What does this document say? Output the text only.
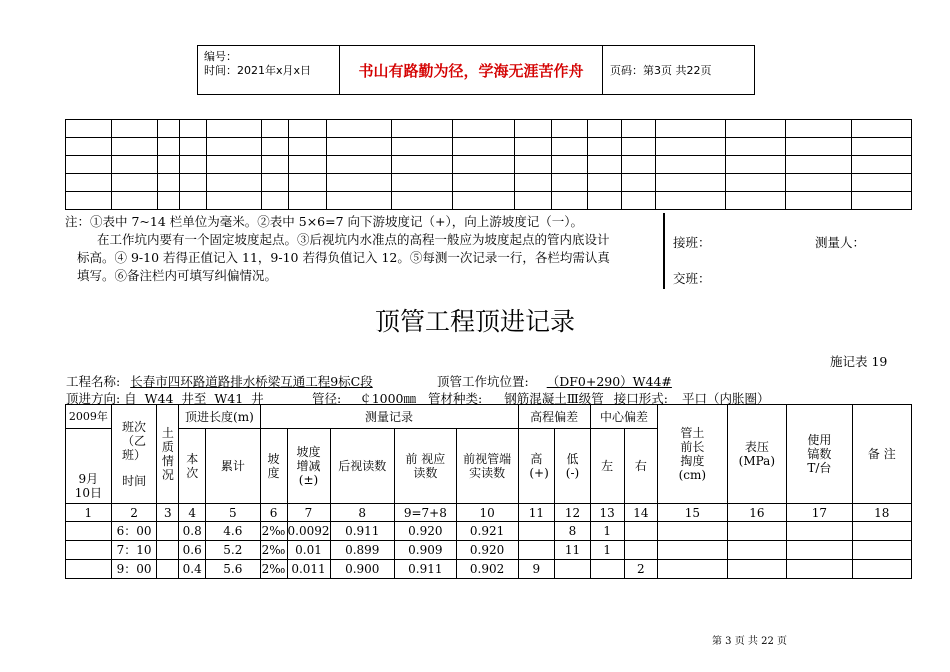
编号：
时间：2021年x月x日	书山有路勤为径，学海无涯苦作舟	页码：第3页 共22页

注：①表中 7~14 栏单位为毫米。②表中 5×6=7 向下游坡度记（+），向上游坡度记（一）。

在工作坑内要有一个固定坡度起点。③后视坑内水准点的高程一般应为坡度起点的管内底设计

标高。④ 9-10 若得正值记入 11，9-10 若得负值记入 12。⑤每测一次记录一行，各栏均需认真

填写。⑥备注栏内可填写纠偏情况。

接班：	测量人：
交班：
顶管工程顶进记录
施记表 19
工程名称: 长春市四环路道路排水桥梁互通工程9标C段	顶管工作坑位置: （DF0+290）W44#
顶进方向: 自 W44 井至 W41 井	管径: ￠1000㎜ 管材种类: 钢筋混凝土Ⅲ级管 接口形式: 平口（内胀圈）
2009年	班次（乙班）
时间	土质情况	顶进长度(m)		测量记录					高程偏差		中心偏差		管土前长掏度(cm)	表压(MPa)	使用镐数T/台	备 注

9月10日			本次	累计	坡度	坡度增减(±)	后视读数	前 视应读数	前视管端实读数	高(+)	低(-)	左	右				
1	2	3	4	5	6	7	8	9=7+8	10	11	12	13	14	15	16	17	18
	6：00		0.8	4.6	2‰	0.0092	0.911	0.920	0.921		8	1					
	7：10		0.6	5.2	2‰	0.01	0.899	0.909	0.920		11	1					
	9：00		0.4	5.6	2‰	0.011	0.900	0.911	0.902	9			2				
第 3 页 共 22 页
